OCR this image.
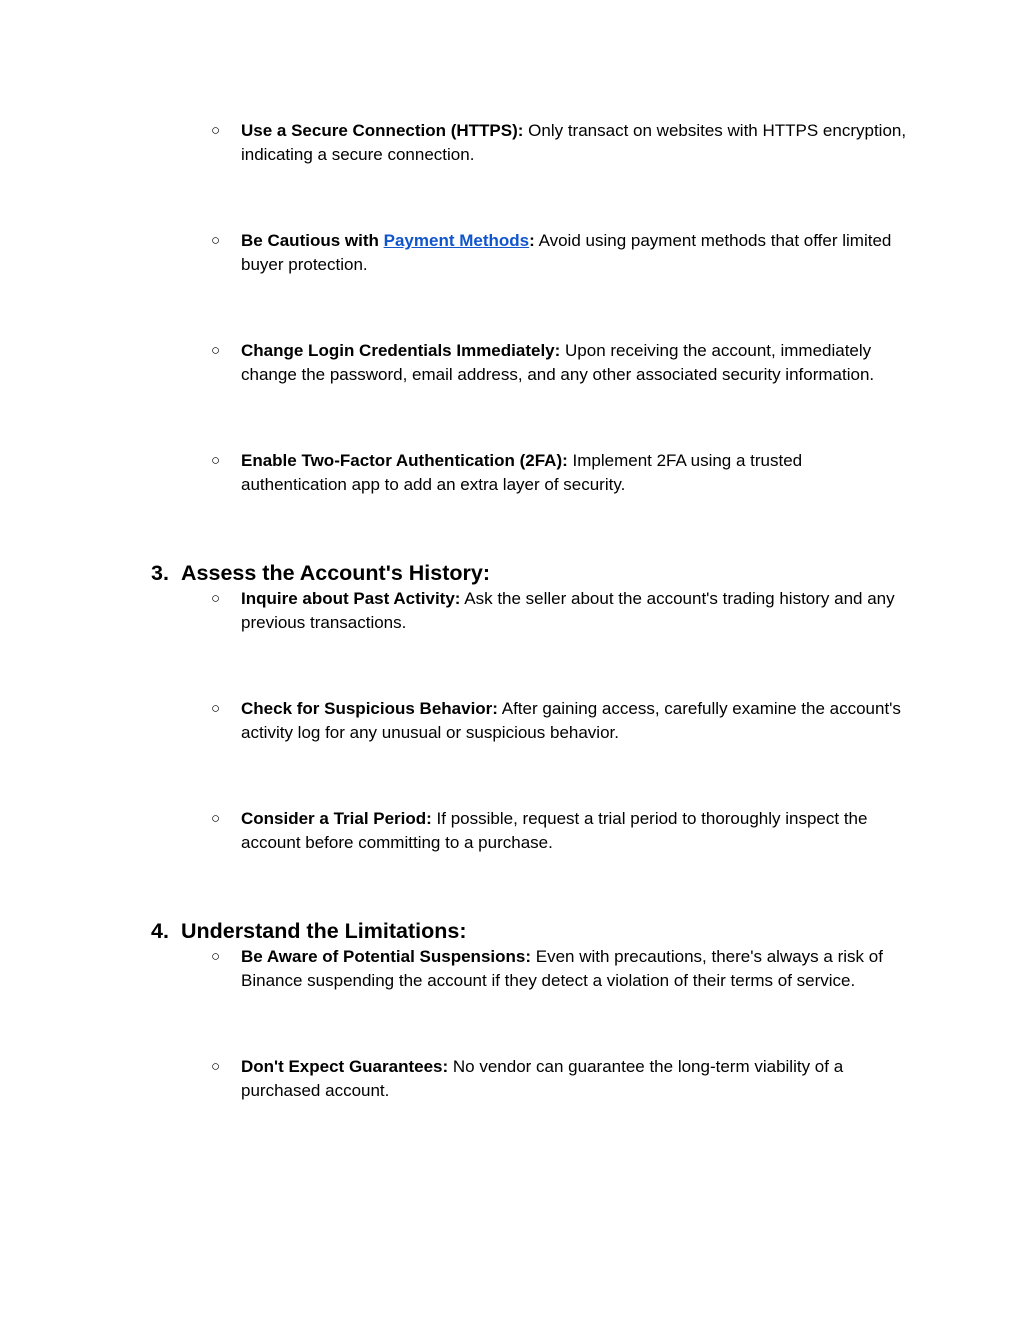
○ Use a Secure Connection (HTTPS): Only transact on websites with HTTPS encryption, indicating a secure connection.
○ Be Cautious with Payment Methods: Avoid using payment methods that offer limited buyer protection.
○ Change Login Credentials Immediately: Upon receiving the account, immediately change the password, email address, and any other associated security information.
○ Enable Two-Factor Authentication (2FA): Implement 2FA using a trusted authentication app to add an extra layer of security.
3. Assess the Account's History:
○ Inquire about Past Activity: Ask the seller about the account's trading history and any previous transactions.
○ Check for Suspicious Behavior: After gaining access, carefully examine the account's activity log for any unusual or suspicious behavior.
○ Consider a Trial Period: If possible, request a trial period to thoroughly inspect the account before committing to a purchase.
4. Understand the Limitations:
○ Be Aware of Potential Suspensions: Even with precautions, there's always a risk of Binance suspending the account if they detect a violation of their terms of service.
○ Don't Expect Guarantees: No vendor can guarantee the long-term viability of a purchased account.
